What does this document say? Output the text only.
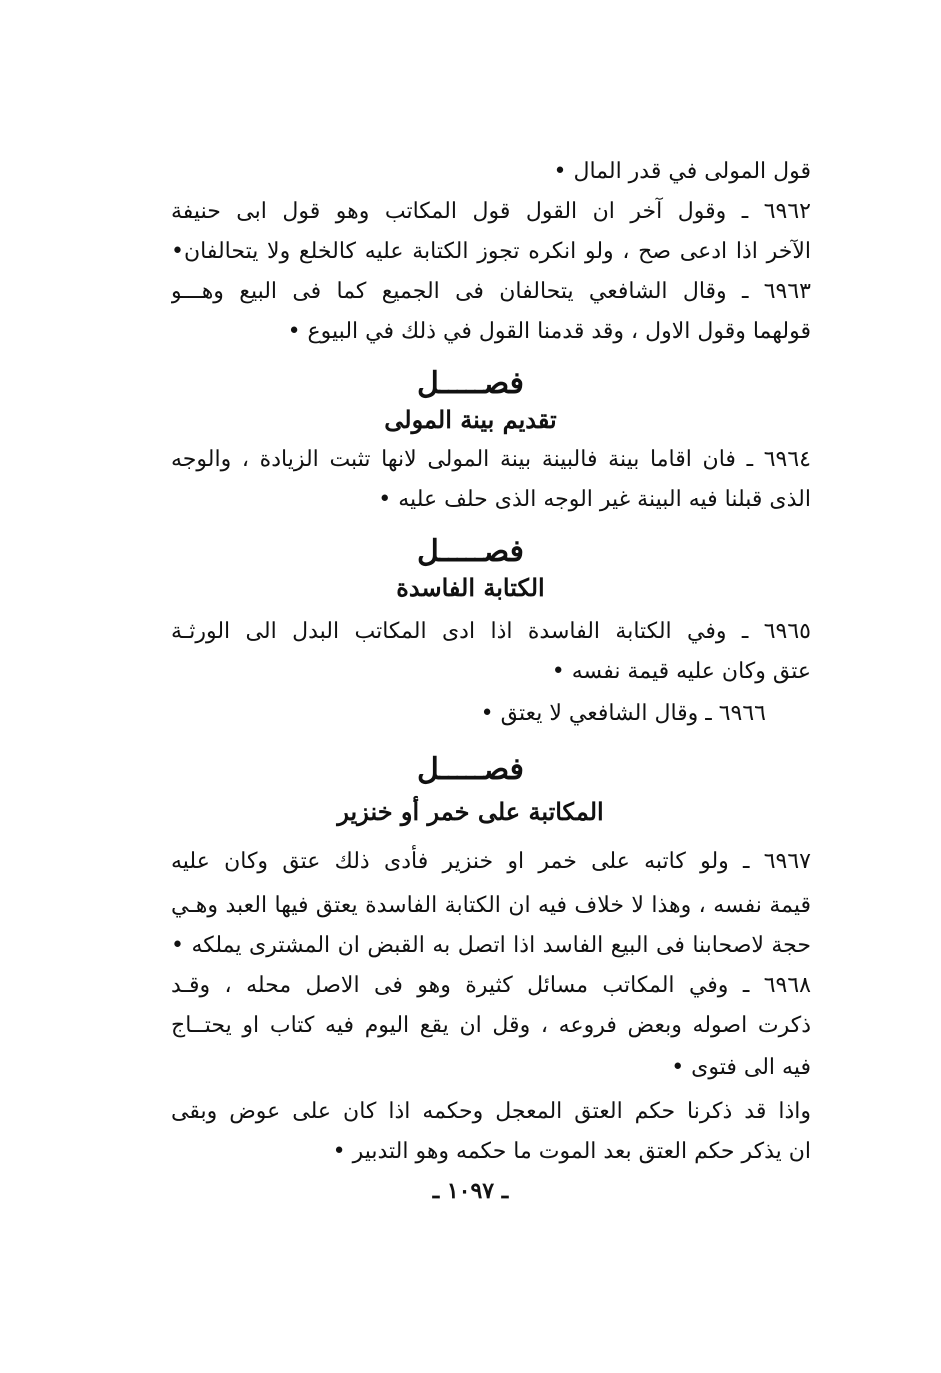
قول المولى في قدر المال •
٦٩٦٢ ـ وقول آخر ان القول قول المكاتب وهو قول ابى حنيفة
الآخر اذا ادعى صح ، ولو انكره تجوز الكتابة عليه كالخلع ولا يتحالفان•
٦٩٦٣ ـ وقال الشافعي يتحالفان فى الجميع كما فى البيع وهـــو
قولهما وقول الاول ، وقد قدمنا القول في ذلك في البيوع •
فصـــــل
تقديم بينة المولى
٦٩٦٤ ـ فان اقاما بينة فالبينة بينة المولى لانها تثبت الزيادة ، والوجه
الذى قبلنا فيه البينة غير الوجه الذى حلف عليه •
فصـــــل
الكتابة الفاسدة
٦٩٦٥ ـ وفي الكتابة الفاسدة اذا ادى المكاتب البدل الى الورثـة
عتق وكان عليه قيمة نفسه •
٦٩٦٦ ـ وقال الشافعي لا يعتق •
فصـــــل
المكاتبة على خمر أو خنزير
٦٩٦٧ ـ ولو كاتبه على خمر او خنزير فأدى ذلك عتق وكان عليه
قيمة نفسه ، وهذا لا خلاف فيه ان الكتابة الفاسدة يعتق فيها العبد وهـي
حجة لاصحابنا فى البيع الفاسد اذا اتصل به القبض ان المشترى يملكه •
٦٩٦٨ ـ وفي المكاتب مسائل كثيرة وهو فى الاصل محله ، وقـد
ذكرت اصوله وبعض فروعه ، وقل ان يقع اليوم فيه كتاب او يحتــاج
فيه الى فتوى •
واذا قد ذكرنا حكم العتق المعجل وحكمه اذا كان على عوض وبقى
ان يذكر حكم العتق بعد الموت ما حكمه وهو التدبير •
ـ ١٠٩٧ ـ
